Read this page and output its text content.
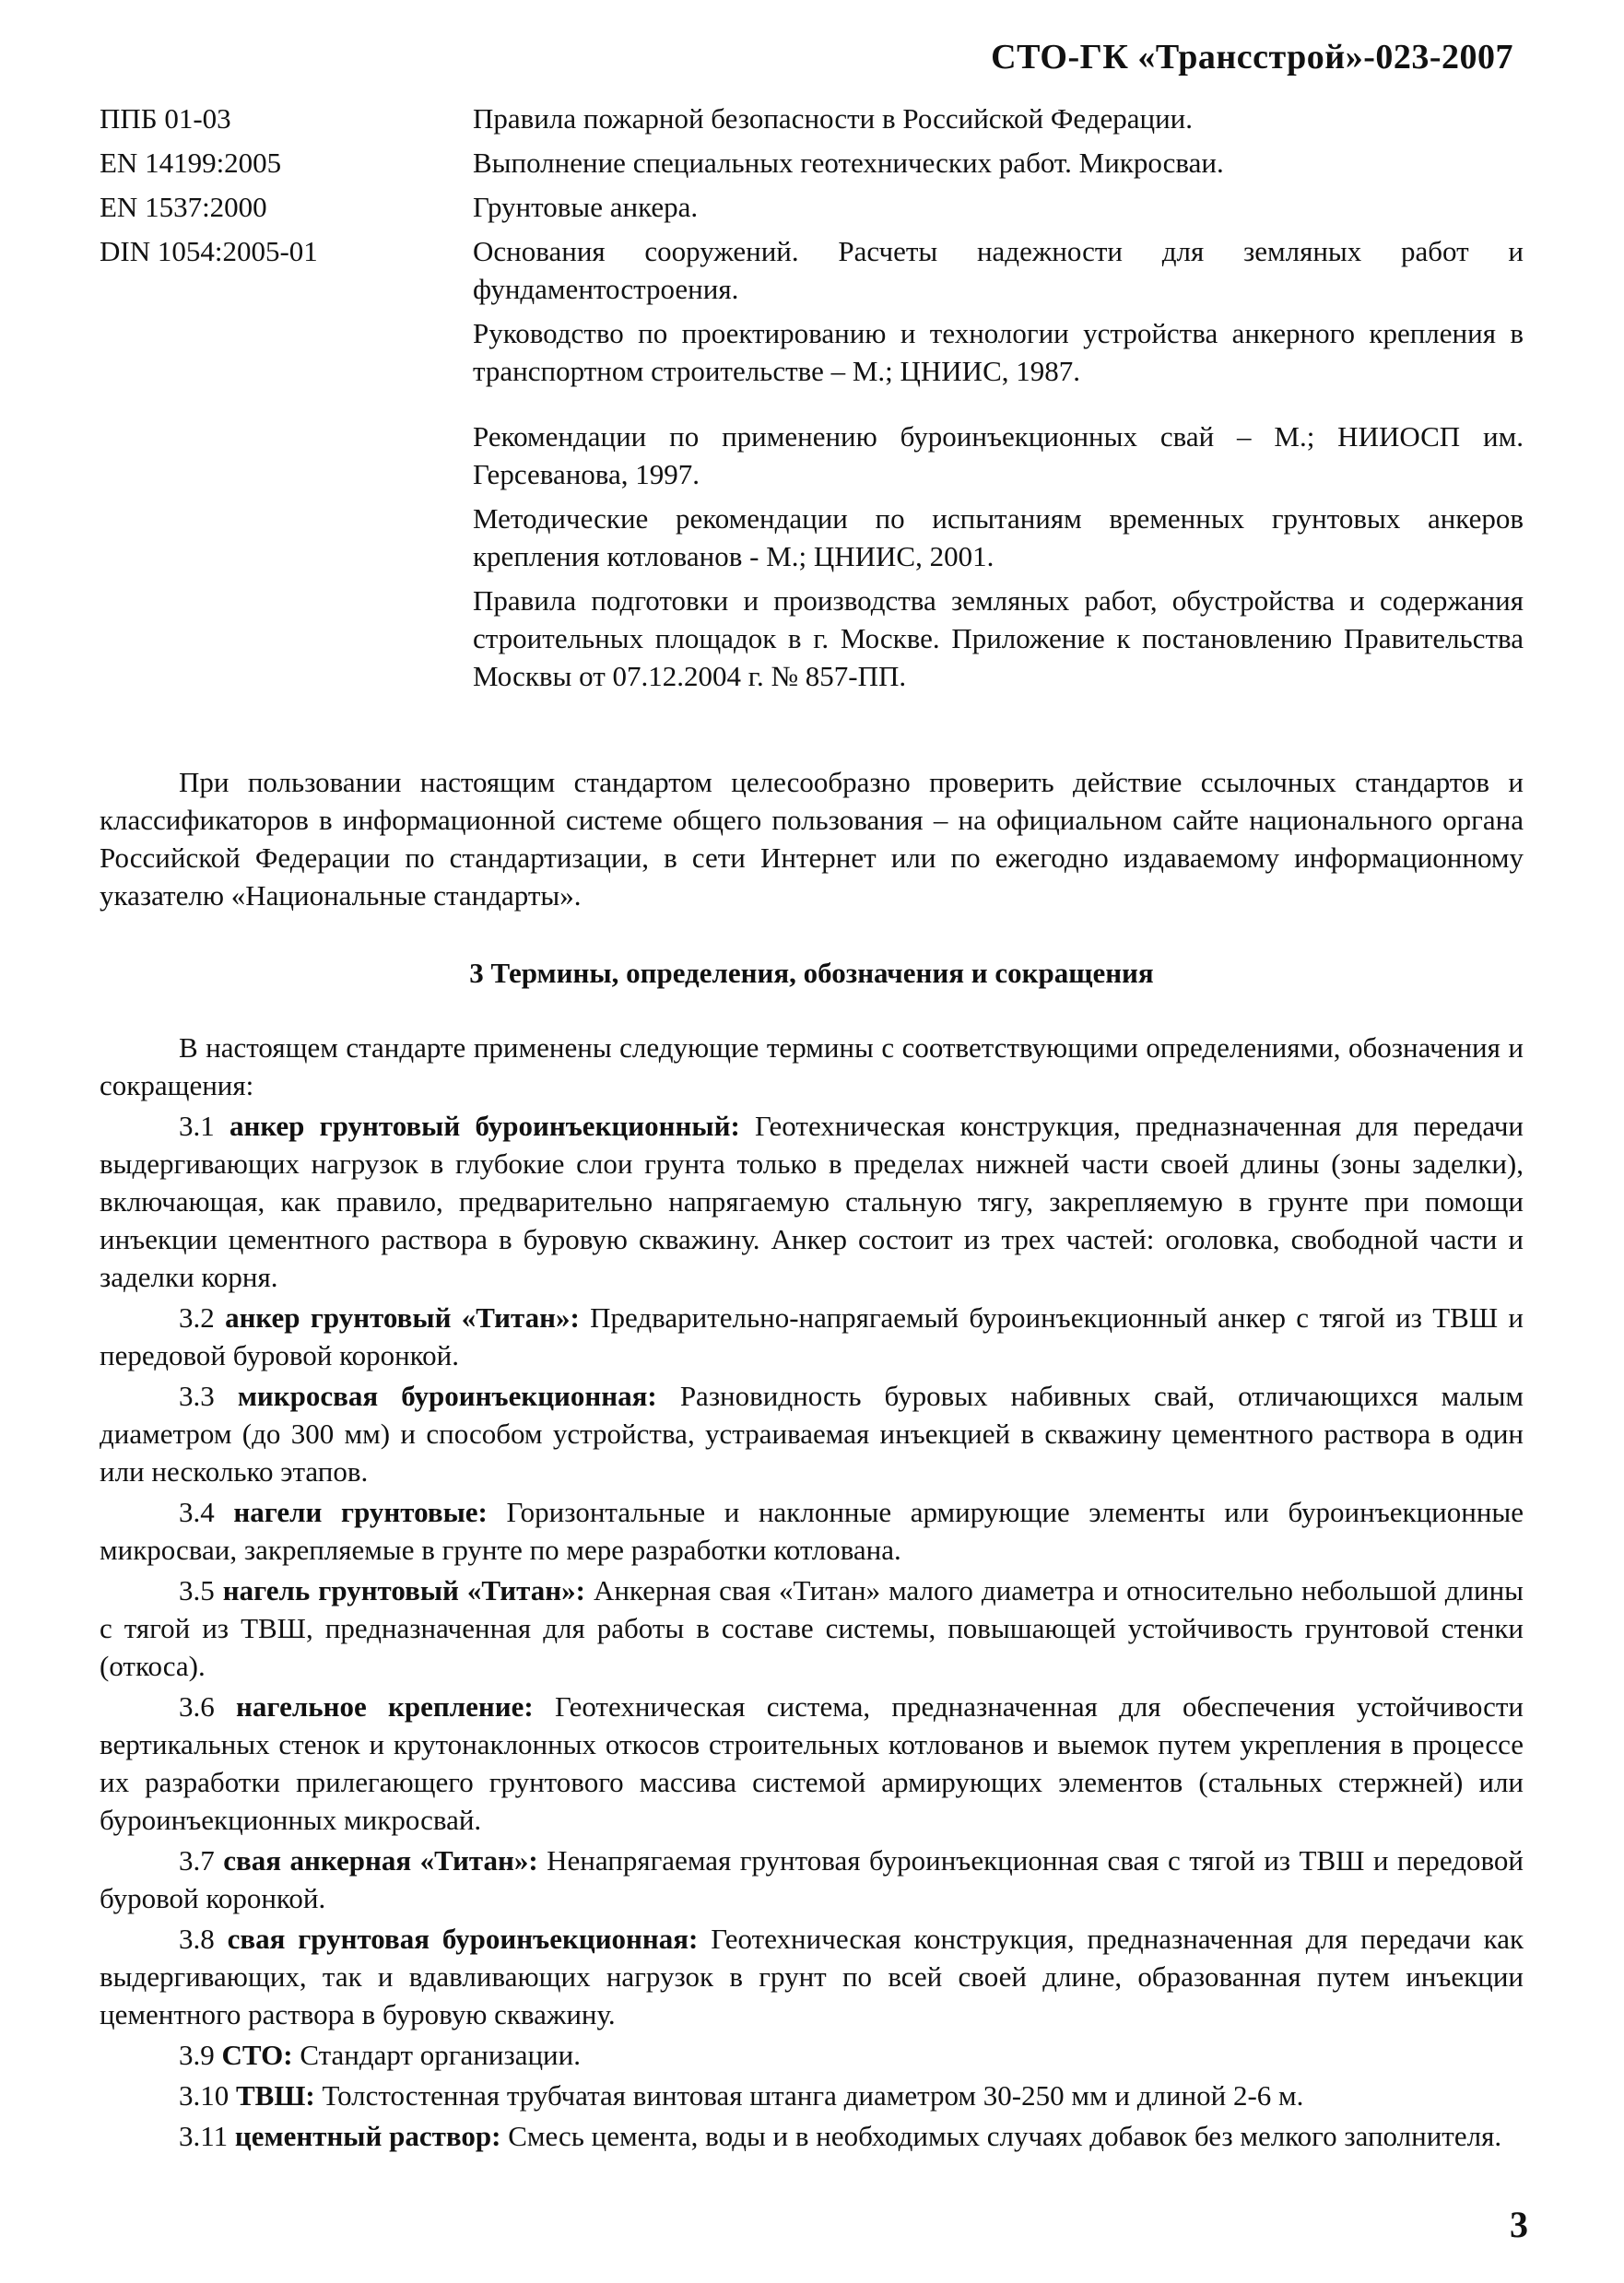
СТО-ГК «Трансстрой»-023-2007
ППБ 01-03	Правила пожарной безопасности в Российской Федерации.
EN 14199:2005	Выполнение специальных геотехнических работ. Микросваи.
EN 1537:2000	Грунтовые анкера.
DIN 1054:2005-01	Основания сооружений. Расчеты надежности для земляных работ и фундаментостроения.
Руководство по проектированию и технологии устройства анкерного крепления в транспортном строительстве – М.; ЦНИИС, 1987.
Рекомендации по применению буроинъекционных свай – М.; НИИОСП им. Герсеванова, 1997.
Методические рекомендации по испытаниям временных грунтовых анкеров крепления котлованов - М.; ЦНИИС, 2001.
Правила подготовки и производства земляных работ, обустройства и содержания строительных площадок в г. Москве. Приложение к постановлению Правительства Москвы от 07.12.2004 г. № 857-ПП.

При пользовании настоящим стандартом целесообразно проверить действие ссылочных стандартов и классификаторов в информационной системе общего пользования – на официальном сайте национального органа Российской Федерации по стандартизации, в сети Интернет или по ежегодно издаваемому информационному указателю «Национальные стандарты».

3 Термины, определения, обозначения и сокращения

В настоящем стандарте применены следующие термины с соответствующими определениями, обозначения и сокращения:

3.1 анкер грунтовый буроинъекционный: Геотехническая конструкция, предназначенная для передачи выдергивающих нагрузок в глубокие слои грунта только в пределах нижней части своей длины (зоны заделки), включающая, как правило, предварительно напрягаемую стальную тягу, закрепляемую в грунте при помощи инъекции цементного раствора в буровую скважину. Анкер состоит из трех частей: оголовка, свободной части и заделки корня.

3.2 анкер грунтовый «Титан»: Предварительно-напрягаемый буроинъекционный анкер с тягой из ТВШ и передовой буровой коронкой.

3.3 микросвая буроинъекционная: Разновидность буровых набивных свай, отличающихся малым диаметром (до 300 мм) и способом устройства, устраиваемая инъекцией в скважину цементного раствора в один или несколько этапов.

3.4 нагели грунтовые: Горизонтальные и наклонные армирующие элементы или буроинъекционные микросваи, закрепляемые в грунте по мере разработки котлована.

3.5 нагель грунтовый «Титан»: Анкерная свая «Титан» малого диаметра и относительно небольшой длины с тягой из ТВШ, предназначенная для работы в составе системы, повышающей устойчивость грунтовой стенки (откоса).

3.6 нагельное крепление: Геотехническая система, предназначенная для обеспечения устойчивости вертикальных стенок и крутонаклонных откосов строительных котлованов и выемок путем укрепления в процессе их разработки прилегающего грунтового массива системой армирующих элементов (стальных стержней) или буроинъекционных микросвай.

3.7 свая анкерная «Титан»: Ненапрягаемая грунтовая буроинъекционная свая с тягой из ТВШ и передовой буровой коронкой.

3.8 свая грунтовая буроинъекционная: Геотехническая конструкция, предназначенная для передачи как выдергивающих, так и вдавливающих нагрузок в грунт по всей своей длине, образованная путем инъекции цементного раствора в буровую скважину.

3.9 СТО: Стандарт организации.

3.10 ТВШ: Толстостенная трубчатая винтовая штанга диаметром 30-250 мм и длиной 2-6 м.

3.11 цементный раствор: Смесь цемента, воды и в необходимых случаях добавок без мелкого заполнителя.

3
